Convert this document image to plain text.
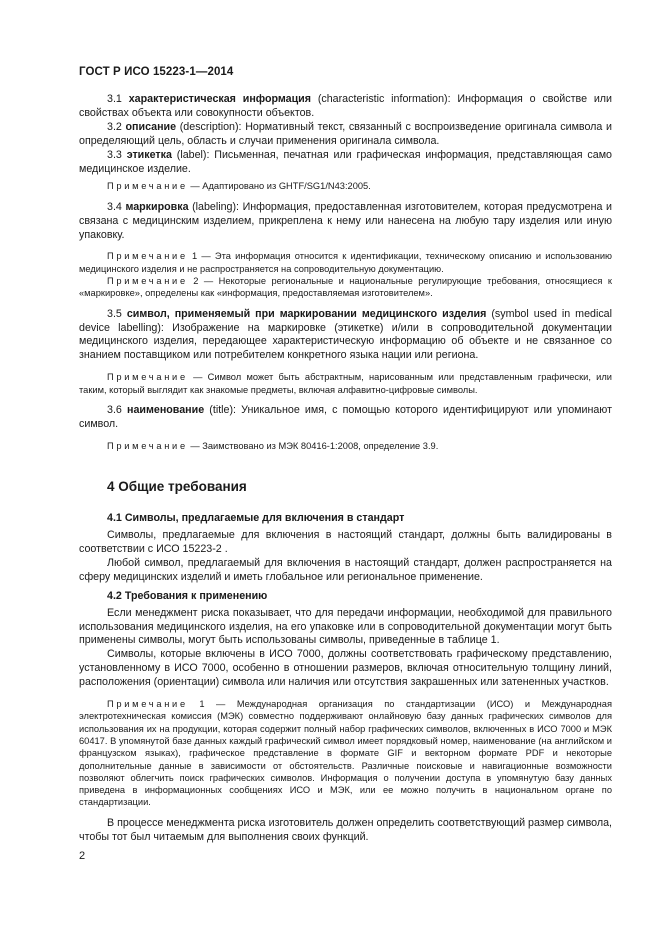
ГОСТ Р ИСО 15223-1—2014

3.1 характеристическая информация (characteristic information): Информация о свойстве или свойствах объекта или совокупности объектов.

3.2 описание (description): Нормативный текст, связанный с воспроизведение оригинала символа и определяющий цель, область и случаи применения оригинала символа.

3.3 этикетка (label): Письменная, печатная или графическая информация, представляющая само медицинское изделие.

Примечание — Адаптировано из GHTF/SG1/N43:2005.

3.4 маркировка (labeling): Информация, предоставленная изготовителем, которая предусмотрена и связана с медицинским изделием, прикреплена к нему или нанесена на любую тару изделия или иную упаковку.

Примечание 1 — Эта информация относится к идентификации, техническому описанию и использованию медицинского изделия и не распространяется на сопроводительную документацию.

Примечание 2 — Некоторые региональные и национальные регулирующие требования, относящиеся к «маркировке», определены как «информация, предоставляемая изготовителем».

3.5 символ, применяемый при маркировании медицинского изделия (symbol used in medical device labelling): Изображение на маркировке (этикетке) и/или в сопроводительной документации медицинского изделия, передающее характеристическую информацию об объекте и не связанное со знанием поставщиком или потребителем конкретного языка нации или региона.

Примечание — Символ может быть абстрактным, нарисованным или представленным графически, или таким, который выглядит как знакомые предметы, включая алфавитно-цифровые символы.

3.6 наименование (title): Уникальное имя, с помощью которого идентифицируют или упоминают символ.

Примечание — Заимствовано из МЭК 80416-1:2008, определение 3.9.

4 Общие требования

4.1 Символы, предлагаемые для включения в стандарт

Символы, предлагаемые для включения в настоящий стандарт, должны быть валидированы в соответствии с ИСО 15223-2 .

Любой символ, предлагаемый для включения в настоящий стандарт, должен распространяется на сферу медицинских изделий и иметь глобальное или региональное применение.

4.2 Требования к применению

Если менеджмент риска показывает, что для передачи информации, необходимой для правильного использования медицинского изделия, на его упаковке или в сопроводительной документации могут быть применены символы, могут быть использованы символы, приведенные в таблице 1.

Символы, которые включены в ИСО 7000, должны соответствовать графическому представлению, установленному в ИСО 7000, особенно в отношении размеров, включая относительную толщину линий, расположения (ориентации) символа или наличия или отсутствия закрашенных или затененных участков.

Примечание 1 — Международная организация по стандартизации (ИСО) и Международная электротехническая комиссия (МЭК) совместно поддерживают онлайновую базу данных графических символов для использования их на продукции, которая содержит полный набор графических символов, включенных в ИСО 7000 и МЭК 60417. В упомянутой базе данных каждый графический символ имеет порядковый номер, наименование (на английском и французском языках), графическое представление в формате GIF и векторном формате PDF и некоторые дополнительные данные в зависимости от обстоятельств. Различные поисковые и навигационные возможности позволяют облегчить поиск графических символов. Информация о получении доступа в упомянутую базу данных приведена в информационных сообщениях ИСО и МЭК, или ее можно получить в национальном органе по стандартизации.

В процессе менеджмента риска изготовитель должен определить соответствующий размер символа, чтобы тот был читаемым для выполнения своих функций.

2
